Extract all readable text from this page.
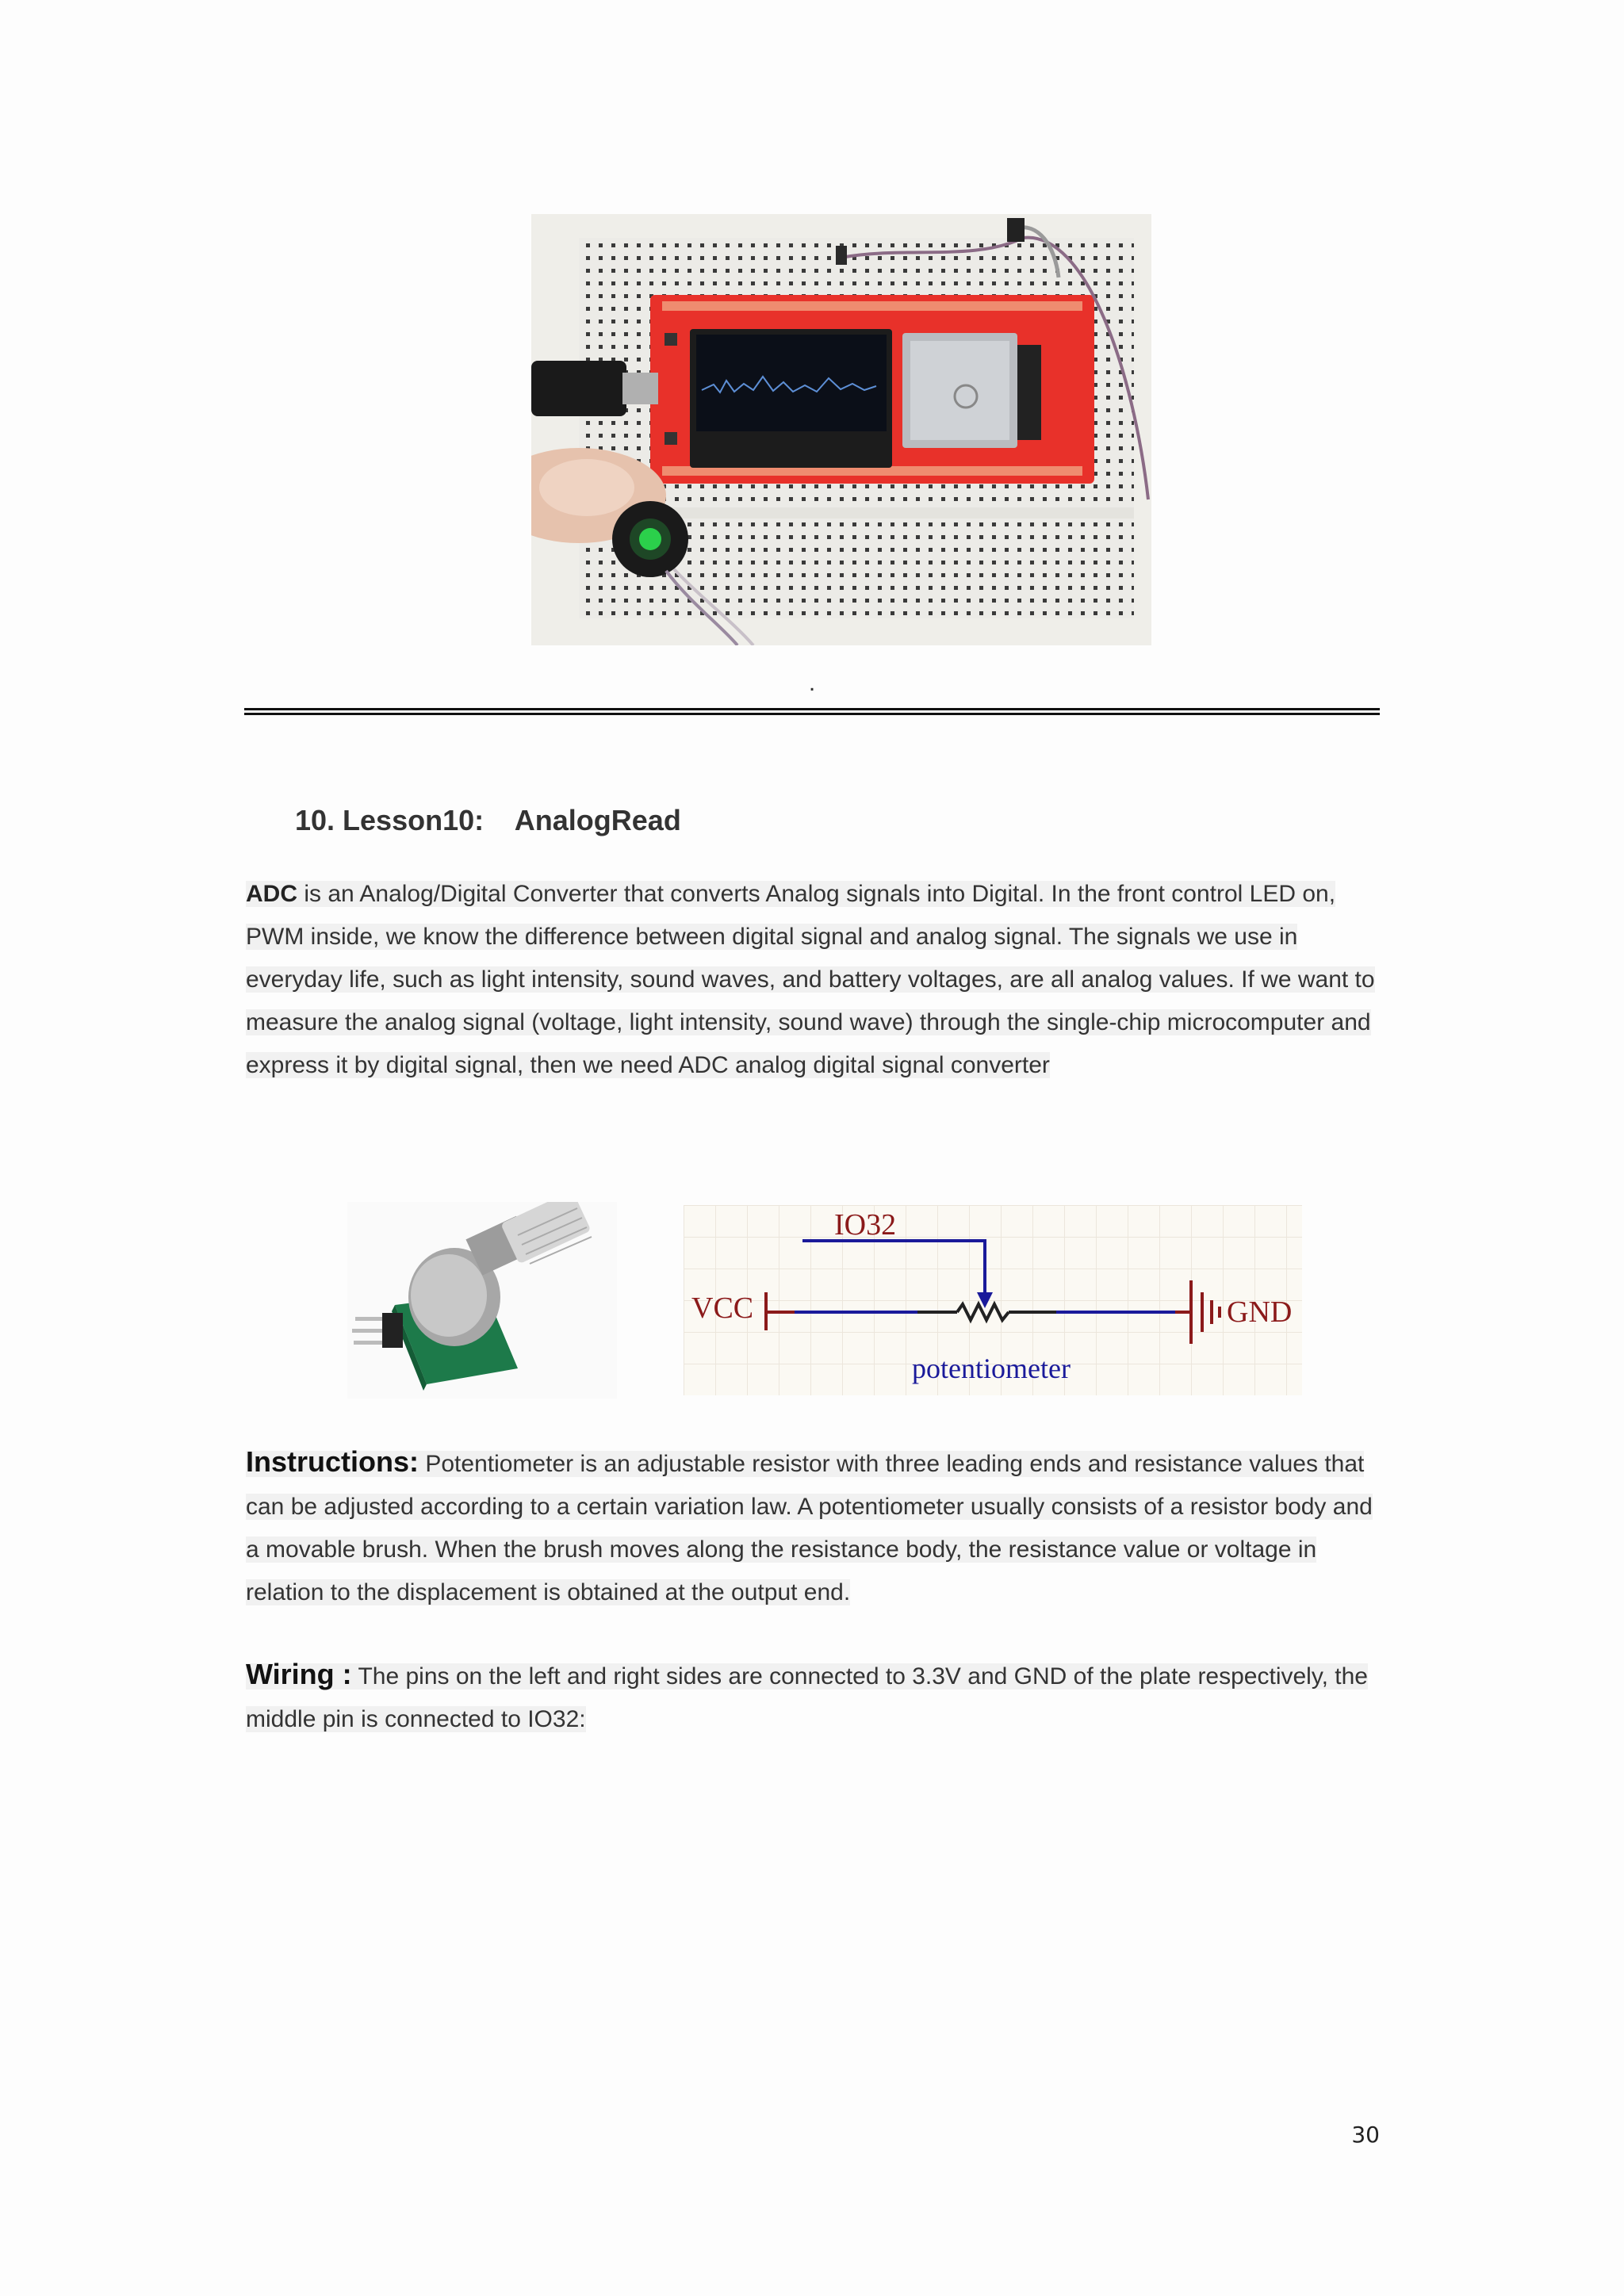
.
10. Lesson10:    AnalogRead
ADC is an Analog/Digital Converter that converts Analog signals into Digital. In the front control LED on, PWM inside, we know the difference between digital signal and analog signal. The signals we use in everyday life, such as light intensity, sound waves, and battery voltages, are all analog values. If we want to measure the analog signal (voltage, light intensity, sound wave) through the single-chip microcomputer and express it by digital signal, then we need ADC analog digital signal converter
IO32
VCC	GND
potentiometer
Instructions: Potentiometer is an adjustable resistor with three leading ends and resistance values that can be adjusted according to a certain variation law. A potentiometer usually consists of a resistor body and a movable brush. When the brush moves along the resistance body, the resistance value or voltage in relation to the displacement is obtained at the output end.
Wiring : The pins on the left and right sides are connected to 3.3V and GND of the plate respectively, the middle pin is connected to IO32:
30
